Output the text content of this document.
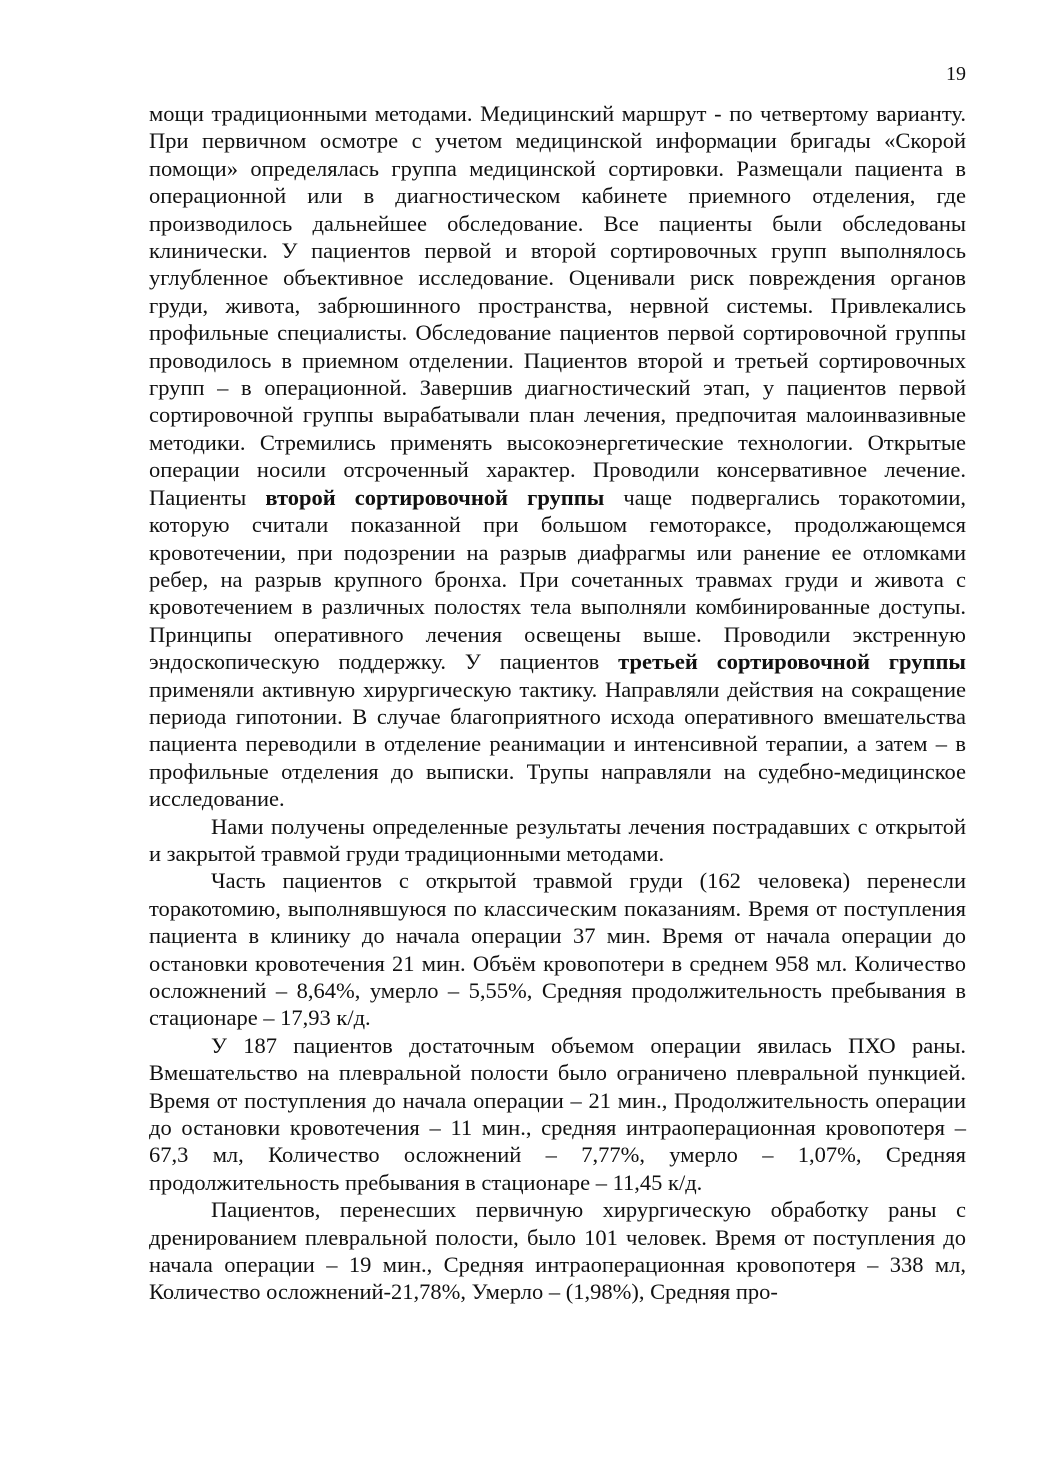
19

мощи традиционными методами. Медицинский маршрут - по четвертому варианту. При первичном осмотре с учетом медицинской информации бригады «Скорой помощи» определялась группа медицинской сортировки. Размещали пациента в операционной или в диагностическом кабинете приемного отделения, где производилось дальнейшее обследование. Все пациенты были обследованы клинически. У пациентов первой и второй сортировочных групп выполнялось углубленное объективное исследование. Оценивали риск повреждения органов груди, живота, забрюшинного пространства, нервной системы. Привлекались профильные специалисты. Обследование пациентов первой сортировочной группы проводилось в приемном отделении. Пациентов второй и третьей сортировочных групп – в операционной. Завершив диагностический этап, у пациентов первой сортировочной группы вырабатывали план лечения, предпочитая малоинвазивные методики. Стремились применять высокоэнергетические технологии. Открытые операции носили отсроченный характер. Проводили консервативное лечение. Пациенты второй сортировочной группы чаще подвергались торакотомии, которую считали показанной при большом гемотораксе, продолжающемся кровотечении, при подозрении на разрыв диафрагмы или ранение ее отломками ребер, на разрыв крупного бронха. При сочетанных травмах груди и живота с кровотечением в различных полостях тела выполняли комбинированные доступы. Принципы оперативного лечения освещены выше. Проводили экстренную эндоскопическую поддержку. У пациентов третьей сортировочной группы применяли активную хирургическую тактику. Направляли действия на сокращение периода гипотонии. В случае благоприятного исхода оперативного вмешательства пациента переводили в отделение реанимации и интенсивной терапии, а затем – в профильные отделения до выписки. Трупы направляли на судебно-медицинское исследование.

Нами получены определенные результаты лечения пострадавших с открытой и закрытой травмой груди традиционными методами.

Часть пациентов с открытой травмой груди (162 человека) перенесли торакотомию, выполнявшуюся по классическим показаниям. Время от поступления пациента в клинику до начала операции 37 мин. Время от начала операции до остановки кровотечения 21 мин. Объём кровопотери в среднем 958 мл. Количество осложнений – 8,64%, умерло – 5,55%, Средняя продолжительность пребывания в стационаре – 17,93 к/д.

У 187 пациентов достаточным объемом операции явилась ПХО раны. Вмешательство на плевральной полости было ограничено плевральной пункцией. Время от поступления до начала операции – 21 мин., Продолжительность операции до остановки кровотечения – 11 мин., средняя интраоперационная кровопотеря – 67,3 мл, Количество осложнений – 7,77%, умерло – 1,07%, Средняя продолжительность пребывания в стационаре – 11,45 к/д.

Пациентов, перенесших первичную хирургическую обработку раны с дренированием плевральной полости, было 101 человек. Время от поступления до начала операции – 19 мин., Средняя интраоперационная кровопотеря – 338 мл, Количество осложнений-21,78%, Умерло – (1,98%), Средняя про-
